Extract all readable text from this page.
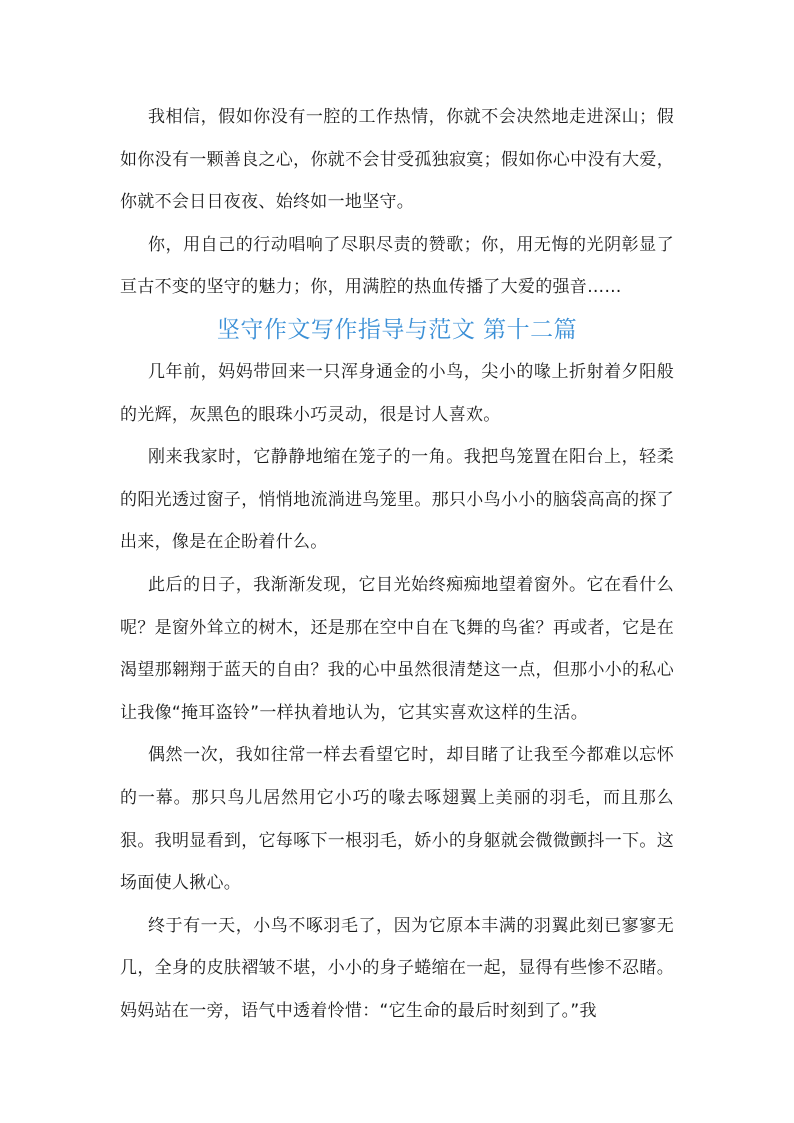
我相信，假如你没有一腔的工作热情，你就不会决然地走进深山；假如你没有一颗善良之心，你就不会甘受孤独寂寞；假如你心中没有大爱，你就不会日日夜夜、始终如一地坚守。

你，用自己的行动唱响了尽职尽责的赞歌；你，用无悔的光阴彰显了亘古不变的坚守的魅力；你，用满腔的热血传播了大爱的强音……

坚守作文写作指导与范文 第十二篇

几年前，妈妈带回来一只浑身通金的小鸟，尖小的喙上折射着夕阳般的光辉，灰黑色的眼珠小巧灵动，很是讨人喜欢。

刚来我家时，它静静地缩在笼子的一角。我把鸟笼置在阳台上，轻柔的阳光透过窗子，悄悄地流淌进鸟笼里。那只小鸟小小的脑袋高高的探了出来，像是在企盼着什么。

此后的日子，我渐渐发现，它目光始终痴痴地望着窗外。它在看什么呢？是窗外耸立的树木，还是那在空中自在飞舞的鸟雀？再或者，它是在渴望那翱翔于蓝天的自由？我的心中虽然很清楚这一点，但那小小的私心让我像“掩耳盗铃”一样执着地认为，它其实喜欢这样的生活。

偶然一次，我如往常一样去看望它时，却目睹了让我至今都难以忘怀的一幕。那只鸟儿居然用它小巧的喙去啄翅翼上美丽的羽毛，而且那么狠。我明显看到，它每啄下一根羽毛，娇小的身躯就会微微颤抖一下。这场面使人揪心。

终于有一天，小鸟不啄羽毛了，因为它原本丰满的羽翼此刻已寥寥无几，全身的皮肤褶皱不堪，小小的身子蜷缩在一起，显得有些惨不忍睹。妈妈站在一旁，语气中透着怜惜：“它生命的最后时刻到了。”我
